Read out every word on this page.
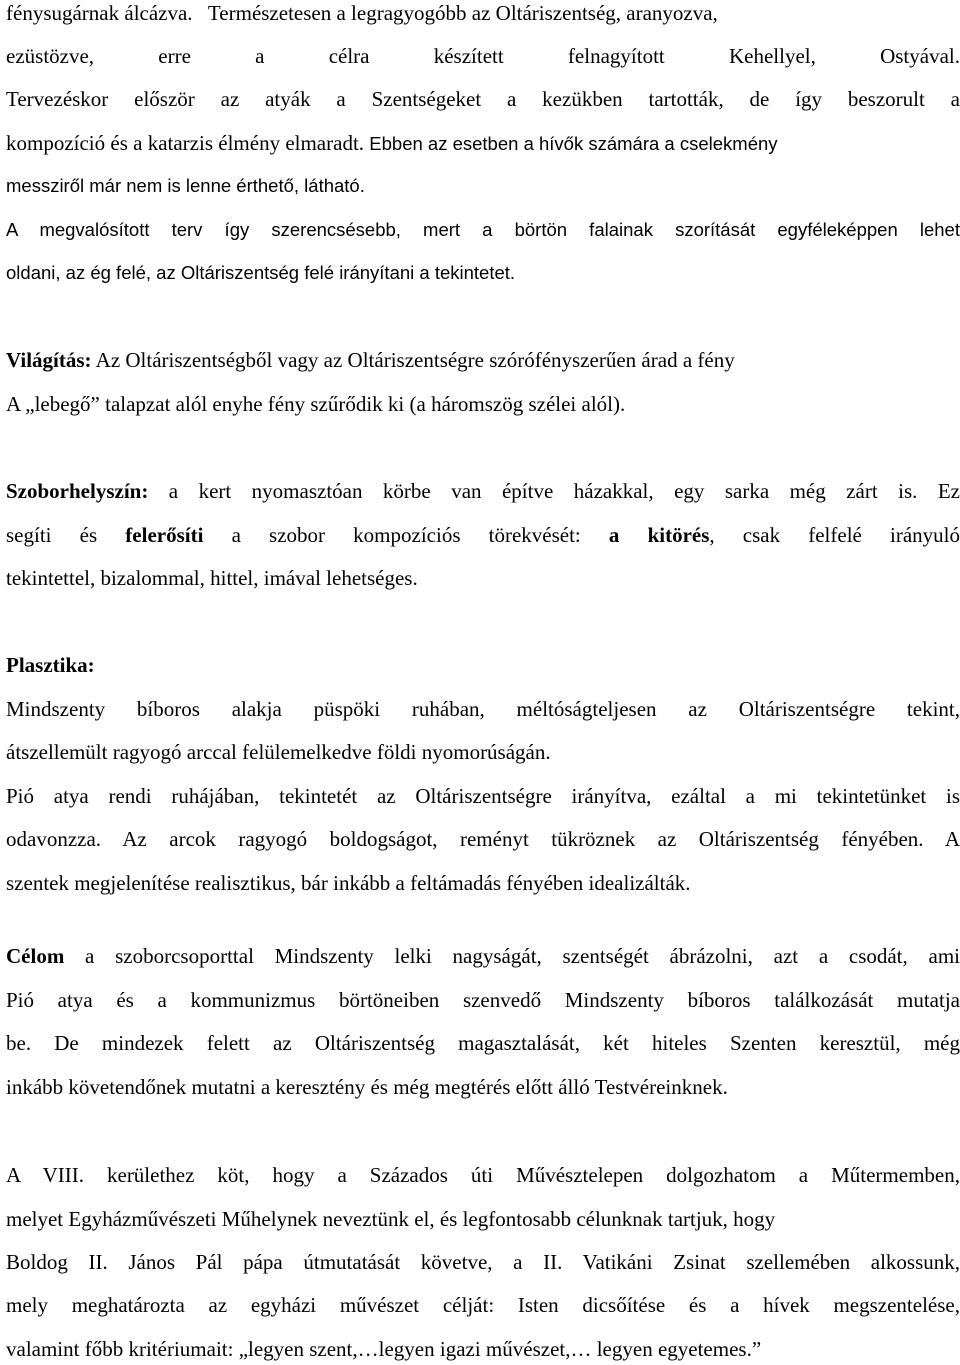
fénysugárnak álcázva.   Természetesen a legragyogóbb az Oltáriszentség, aranyozva,
ezüstözve, erre a célra készített felnagyított Kehellyel, Ostyával.
Tervezéskor először az atyák a Szentségeket a kezükben tartották, de így beszorult a
kompozíció és a katarzis élmény elmaradt. Ebben az esetben a hívők számára a cselekmény
messziről már nem is lenne érthető, látható.
A megvalósított terv így szerencsésebb, mert a börtön falainak szorítását egyféleképpen lehet
oldani, az ég felé, az Oltáriszentség felé irányítani a tekintetet.
Világítás: Az Oltáriszentségből vagy az Oltáriszentségre szórófényszerűen árad a fény
A „lebegő” talapzat alól enyhe fény szűrődik ki (a háromszög szélei alól).
Szoborhelyszín: a kert nyomasztóan körbe van építve házakkal, egy sarka még zárt is. Ez
segíti és felerősíti a szobor kompozíciós törekvését: a kitörés, csak felfelé irányuló
tekintettel, bizalommal, hittel, imával lehetséges.
Plasztika:
Mindszenty bíboros alakja püspöki ruhában, méltóságteljesen az Oltáriszentségre tekint,
átszellemült ragyogó arccal felülemelkedve földi nyomorúságán.
Pió atya rendi ruhájában, tekintetét az Oltáriszentségre irányítva, ezáltal a mi tekintetünket is
odavonzza. Az arcok ragyogó boldogságot, reményt tükröznek az Oltáriszentség fényében. A
szentek megjelenítése realisztikus, bár inkább a feltámadás fényében idealizálták.
Célom a szoborcsoporttal Mindszenty lelki nagyságát, szentségét ábrázolni, azt a csodát, ami
Pió atya és a kommunizmus börtöneiben szenvedő Mindszenty bíboros találkozását mutatja
be. De mindezek felett az Oltáriszentség magasztalását, két hiteles Szenten keresztül, még
inkább követendőnek mutatni a keresztény és még megtérés előtt álló Testvéreinknek.
A VIII. kerülethez köt, hogy a Százados úti Művésztelepen dolgozhatom a Műtermemben,
melyet Egyházművészeti Műhelynek neveztünk el, és legfontosabb célunknak tartjuk, hogy
Boldog II. János Pál pápa útmutatását követve, a II. Vatikáni Zsinat szellemében alkossunk,
mely meghatározta az egyházi művészet célját: Isten dicsőítése és a hívek megszentelése,
valamint főbb kritériumait: „legyen szent,…legyen igazi művészet,… legyen egyetemes.”
